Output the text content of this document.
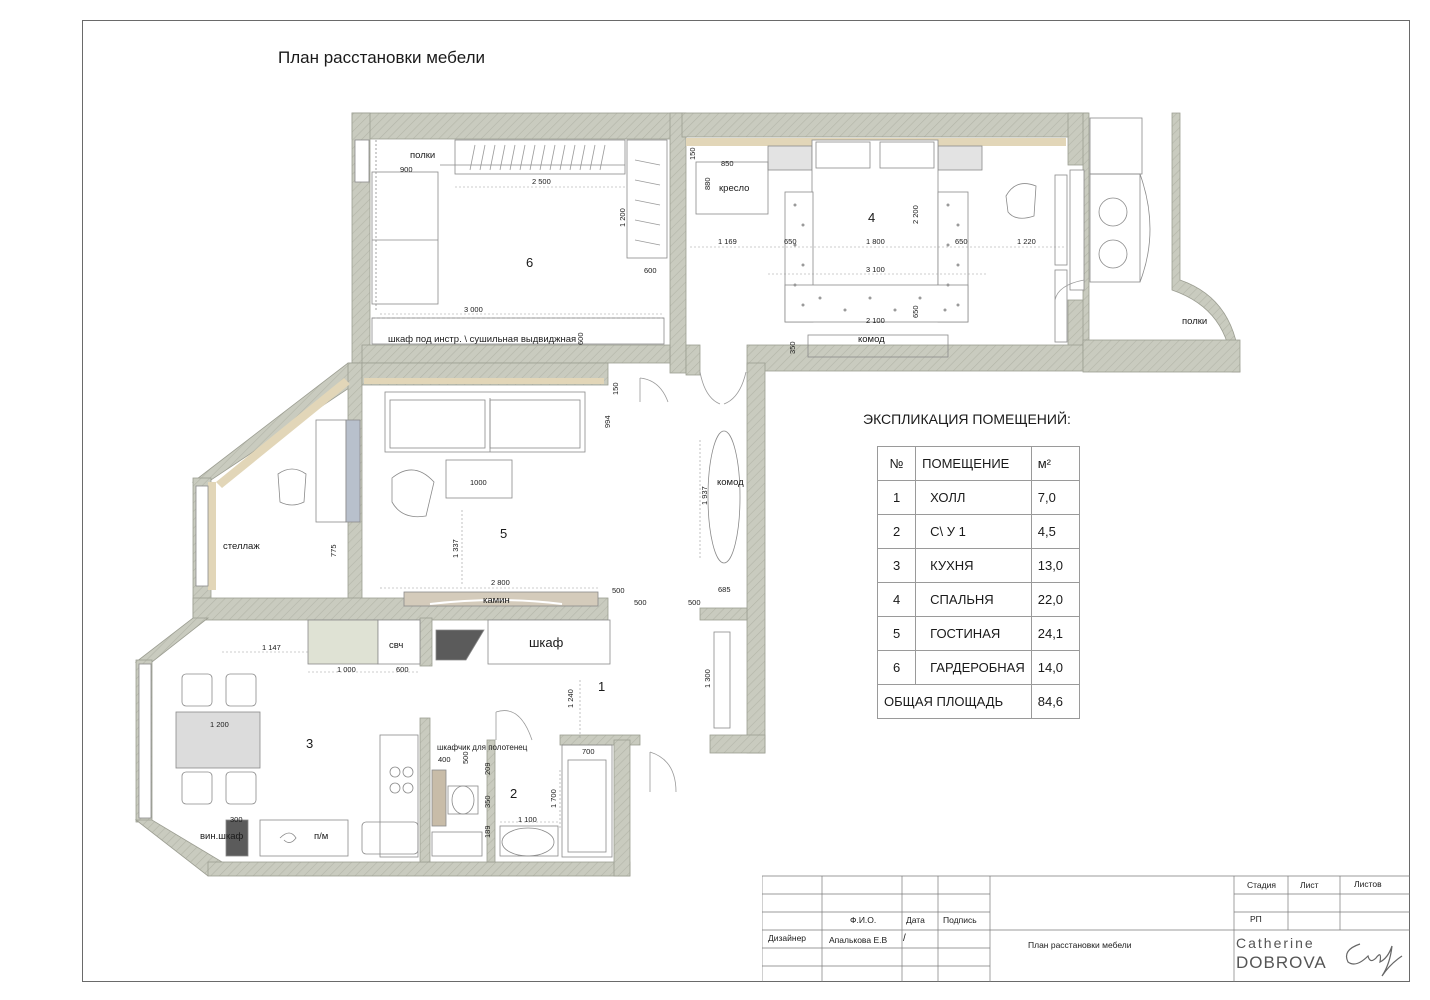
План расстановки мебели
6
4
5
1
3
2
полки
полки
кресло
комод
комод
шкаф под инстр. \ сушильная выдвиджная
камин
стеллаж
свч
вин.шкаф	п/м
шкафчик для полотенец
шкаф
900
2 500
1 200
600
3 000
600
150
850
880
2 200
1 169	650	1 800	650	1 220
3 100
2 100
650
350
150
994
1000
1 337
1 937
775
2 800
500
500	500
685
1 147
1 000	600	1 300
1 240
1 200
700
400 500
209
350	1 700
189
1 100
300
ЭКСПЛИКАЦИЯ ПОМЕЩЕНИЙ:
№	ПОМЕЩЕНИЕ	м²
1	ХОЛЛ	7,0
2	С\ У 1	4,5
3	КУХНЯ	13,0
4	СПАЛЬНЯ	22,0
5	ГОСТИНАЯ	24,1
6	ГАРДЕРОБНАЯ	14,0
ОБЩАЯ ПЛОЩАДЬ		84,6
Стадия	Лист	Листов
РП
Ф.И.О.	Дата Подпись
Дизайнер	Апалькова Е.В /
План расстановки мебели	Catherine
DOBROVA
